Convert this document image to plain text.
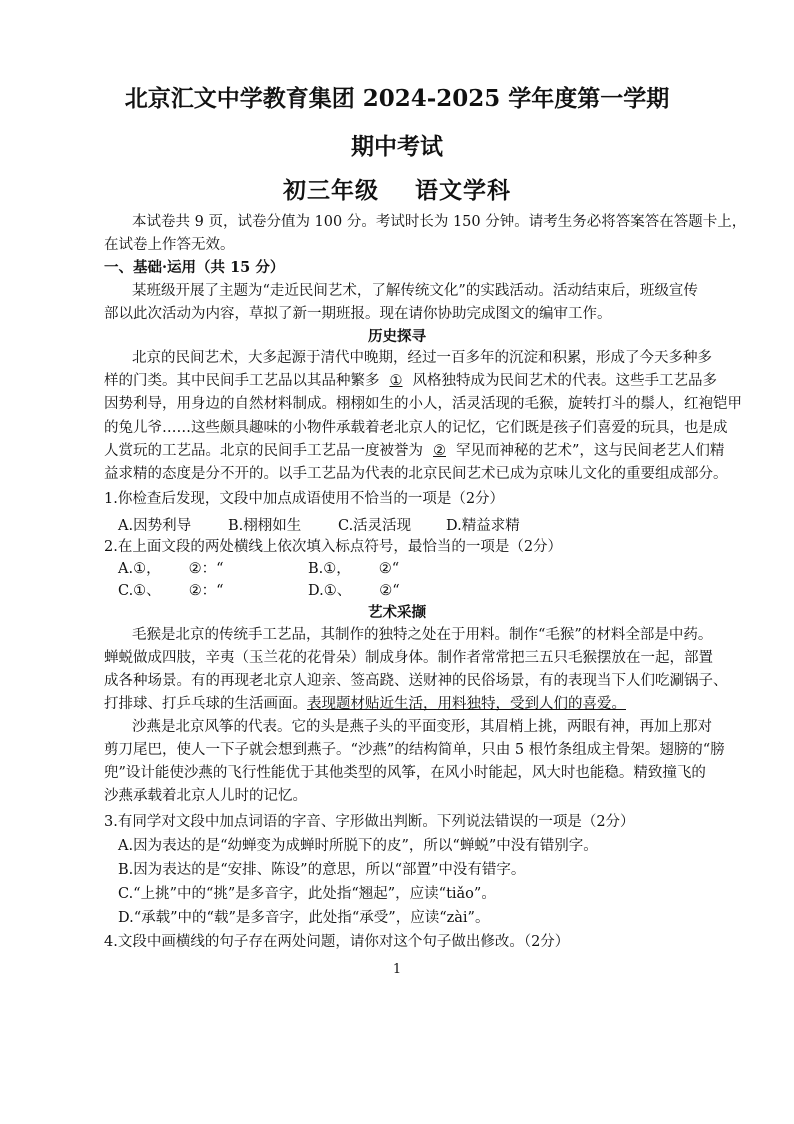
北京汇文中学教育集团 2024-2025 学年度第一学期
期中考试
初三年级 语文学科
本试卷共 9 页，试卷分值为 100 分。考试时长为 150 分钟。请考生务必将答案答在答题卡上，
在试卷上作答无效。
一、基础·运用（共 15 分）
某班级开展了主题为“走近民间艺术，了解传统文化”的实践活动。活动结束后，班级宣传
部以此次活动为内容，草拟了新一期班报。现在请你协助完成图文的编审工作。
历史探寻
北京的民间艺术，大多起源于清代中晚期，经过一百多年的沉淀和积累，形成了今天多种多
样的门类。其中民间手工艺品以其品种繁多 ① 风格独特成为民间艺术的代表。这些手工艺品多
因势利导，用身边的自然材料制成。栩栩如生的小人，活灵活现的毛猴，旋转打斗的鬃人，红袍铠甲
的兔儿爷……这些颇具趣味的小物件承载着老北京人的记忆，它们既是孩子们喜爱的玩具，也是成
人赏玩的工艺品。北京的民间手工艺品一度被誉为 ② 罕见而神秘的艺术”，这与民间老艺人们精
益求精的态度是分不开的。以手工艺品为代表的北京民间艺术已成为京味儿文化的重要组成部分。
1.你检查后发现，文段中加点成语使用不恰当的一项是（2分）
A.因势利导	B.栩栩如生	C.活灵活现 D.精益求精
2.在上面文段的两处横线上依次填入标点符号，最恰当的一项是（2分）
A.①， ②：“	B.①， ②“
C.①、 ②：“	D.①、 ②“
艺术采撷
毛猴是北京的传统手工艺品，其制作的独特之处在于用料。制作“毛猴”的材料全部是中药。
蝉蜕做成四肢，辛夷（玉兰花的花骨朵）制成身体。制作者常常把三五只毛猴摆放在一起，部置
成各种场景。有的再现老北京人迎亲、签高跷、送财神的民俗场景，有的表现当下人们吃涮锅子、
打排球、打乒乓球的生活画面。表现题材贴近生活，用料独特，受到人们的喜爱。
沙燕是北京风筝的代表。它的头是燕子头的平面变形，其眉梢上挑，两眼有神，再加上那对
剪刀尾巴，使人一下子就会想到燕子。“沙燕”的结构简单，只由 5 根竹条组成主骨架。翅膀的“膀
兜”设计能使沙燕的飞行性能优于其他类型的风筝，在风小时能起，风大时也能稳。精致撞飞的
沙燕承载着北京人儿时的记忆。
3.有同学对文段中加点词语的字音、字形做出判断。下列说法错误的一项是（2分）
A.因为表达的是“幼蝉变为成蝉时所脱下的皮”，所以“蝉蜕”中没有错别字。
B.因为表达的是“安排、陈设”的意思，所以“部置”中没有错字。
C.“上挑”中的“挑”是多音字，此处指“翘起”，应读“tiǎo”。
D.“承载”中的“载”是多音字，此处指“承受”，应读“zài”。
4.文段中画横线的句子存在两处问题，请你对这个句子做出修改。（2分）
1
